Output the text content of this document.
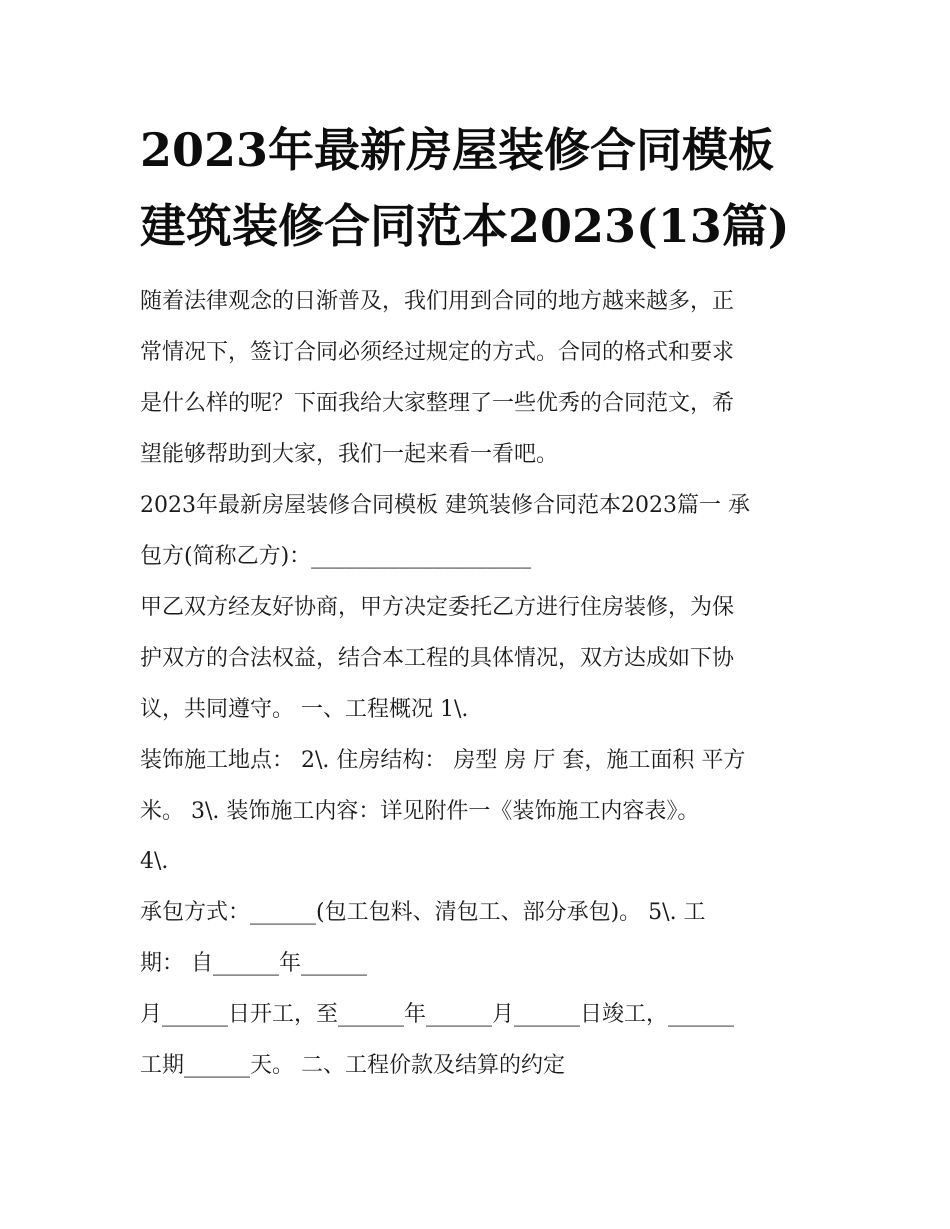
2023年最新房屋装修合同模板
建筑装修合同范本2023(13篇)
随着法律观念的日渐普及，我们用到合同的地方越来越多，正
常情况下，签订合同必须经过规定的方式。合同的格式和要求
是什么样的呢？下面我给大家整理了一些优秀的合同范文，希
望能够帮助到大家，我们一起来看一看吧。
2023年最新房屋装修合同模板 建筑装修合同范本2023篇一 承
包方(简称乙方)：____________________
甲乙双方经友好协商，甲方决定委托乙方进行住房装修，为保
护双方的合法权益，结合本工程的具体情况，双方达成如下协
议，共同遵守。 一、工程概况 1\.
装饰施工地点： 2\. 住房结构： 房型 房 厅 套，施工面积 平方
米。 3\. 装饰施工内容：详见附件一《装饰施工内容表》。
4\.
承包方式：______(包工包料、清包工、部分承包)。 5\. 工
期： 自______年______
月______日开工，至______年______月______日竣工，______
工期______天。 二、工程价款及结算的约定
